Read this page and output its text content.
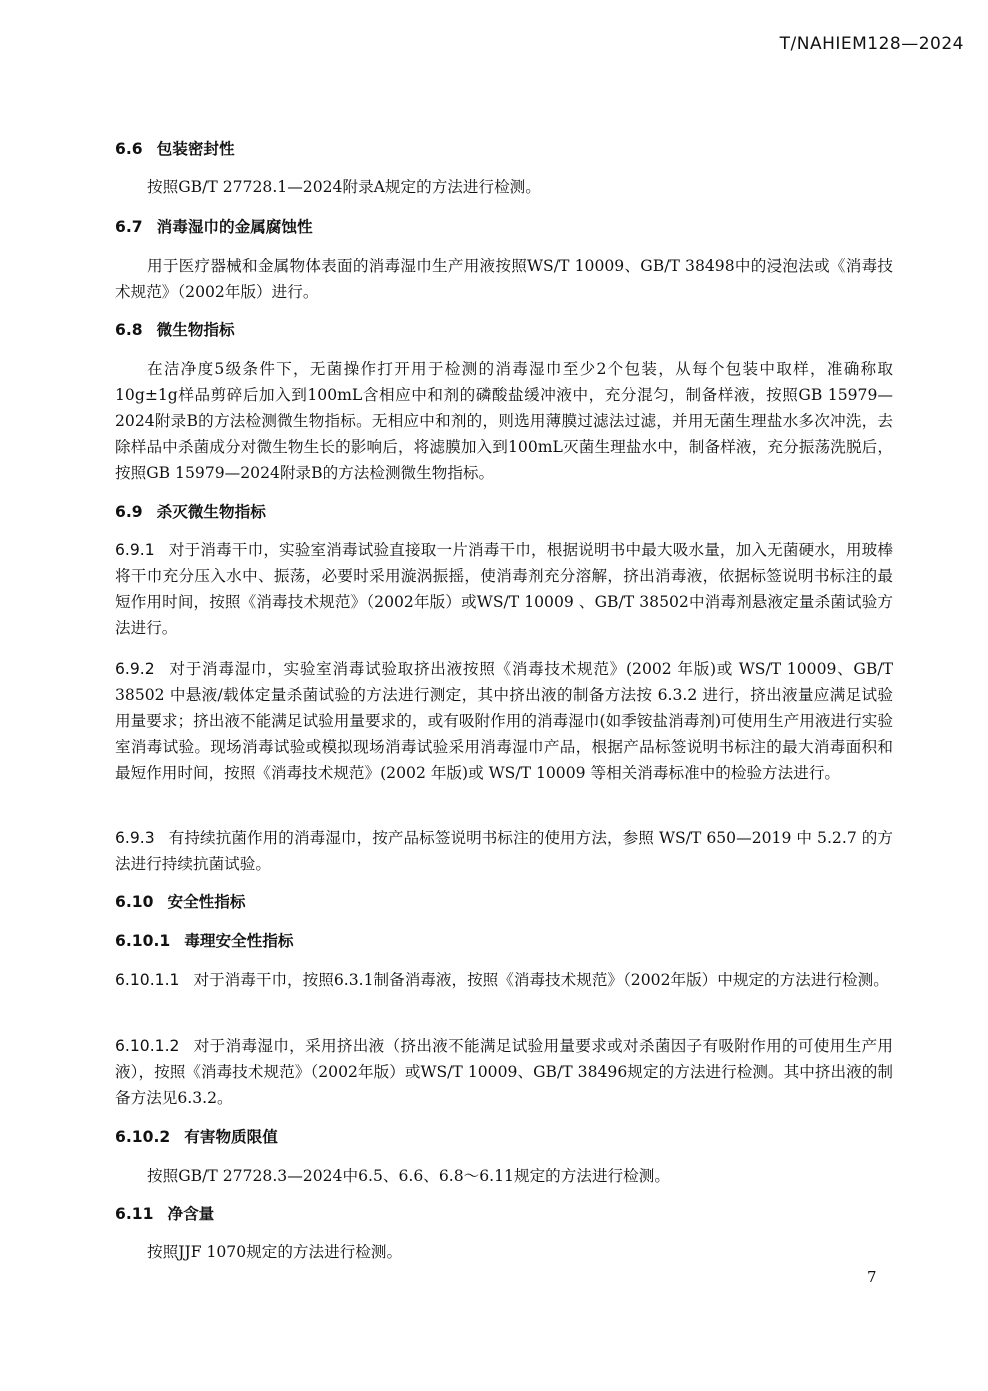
T/NAHIEM128—2024
6.6 包装密封性
按照GB/T 27728.1—2024附录A规定的方法进行检测。
6.7 消毒湿巾的金属腐蚀性
用于医疗器械和金属物体表面的消毒湿巾生产用液按照WS/T 10009、GB/T 38498中的浸泡法或《消毒技术规范》（2002年版）进行。
6.8 微生物指标
在洁净度5级条件下，无菌操作打开用于检测的消毒湿巾至少2个包装，从每个包装中取样，准确称取10g±1g样品剪碎后加入到100mL含相应中和剂的磷酸盐缓冲液中，充分混匀，制备样液，按照GB 15979—2024附录B的方法检测微生物指标。无相应中和剂的，则选用薄膜过滤法过滤，并用无菌生理盐水多次冲洗，去除样品中杀菌成分对微生物生长的影响后，将滤膜加入到100mL灭菌生理盐水中，制备样液，充分振荡洗脱后，按照GB 15979—2024附录B的方法检测微生物指标。
6.9 杀灭微生物指标
6.9.1 对于消毒干巾，实验室消毒试验直接取一片消毒干巾，根据说明书中最大吸水量，加入无菌硬水，用玻棒将干巾充分压入水中、振荡，必要时采用漩涡振摇，使消毒剂充分溶解，挤出消毒液，依据标签说明书标注的最短作用时间，按照《消毒技术规范》（2002年版）或WS/T 10009 、GB/T 38502中消毒剂悬液定量杀菌试验方法进行。
6.9.2 对于消毒湿巾，实验室消毒试验取挤出液按照《消毒技术规范》(2002 年版)或 WS/T 10009、GB/T 38502 中悬液/载体定量杀菌试验的方法进行测定，其中挤出液的制备方法按 6.3.2 进行，挤出液量应满足试验用量要求；挤出液不能满足试验用量要求的，或有吸附作用的消毒湿巾(如季铵盐消毒剂)可使用生产用液进行实验室消毒试验。现场消毒试验或模拟现场消毒试验采用消毒湿巾产品，根据产品标签说明书标注的最大消毒面积和最短作用时间，按照《消毒技术规范》(2002 年版)或 WS/T 10009 等相关消毒标准中的检验方法进行。
6.9.3 有持续抗菌作用的消毒湿巾，按产品标签说明书标注的使用方法，参照 WS/T 650—2019 中 5.2.7 的方法进行持续抗菌试验。
6.10 安全性指标
6.10.1 毒理安全性指标
6.10.1.1 对于消毒干巾，按照6.3.1制备消毒液，按照《消毒技术规范》（2002年版）中规定的方法进行检测。
6.10.1.2 对于消毒湿巾，采用挤出液（挤出液不能满足试验用量要求或对杀菌因子有吸附作用的可使用生产用液），按照《消毒技术规范》（2002年版）或WS/T 10009、GB/T 38496规定的方法进行检测。其中挤出液的制备方法见6.3.2。
6.10.2 有害物质限值
按照GB/T 27728.3—2024中6.5、6.6、6.8～6.11规定的方法进行检测。
6.11 净含量
按照JJF 1070规定的方法进行检测。
7
